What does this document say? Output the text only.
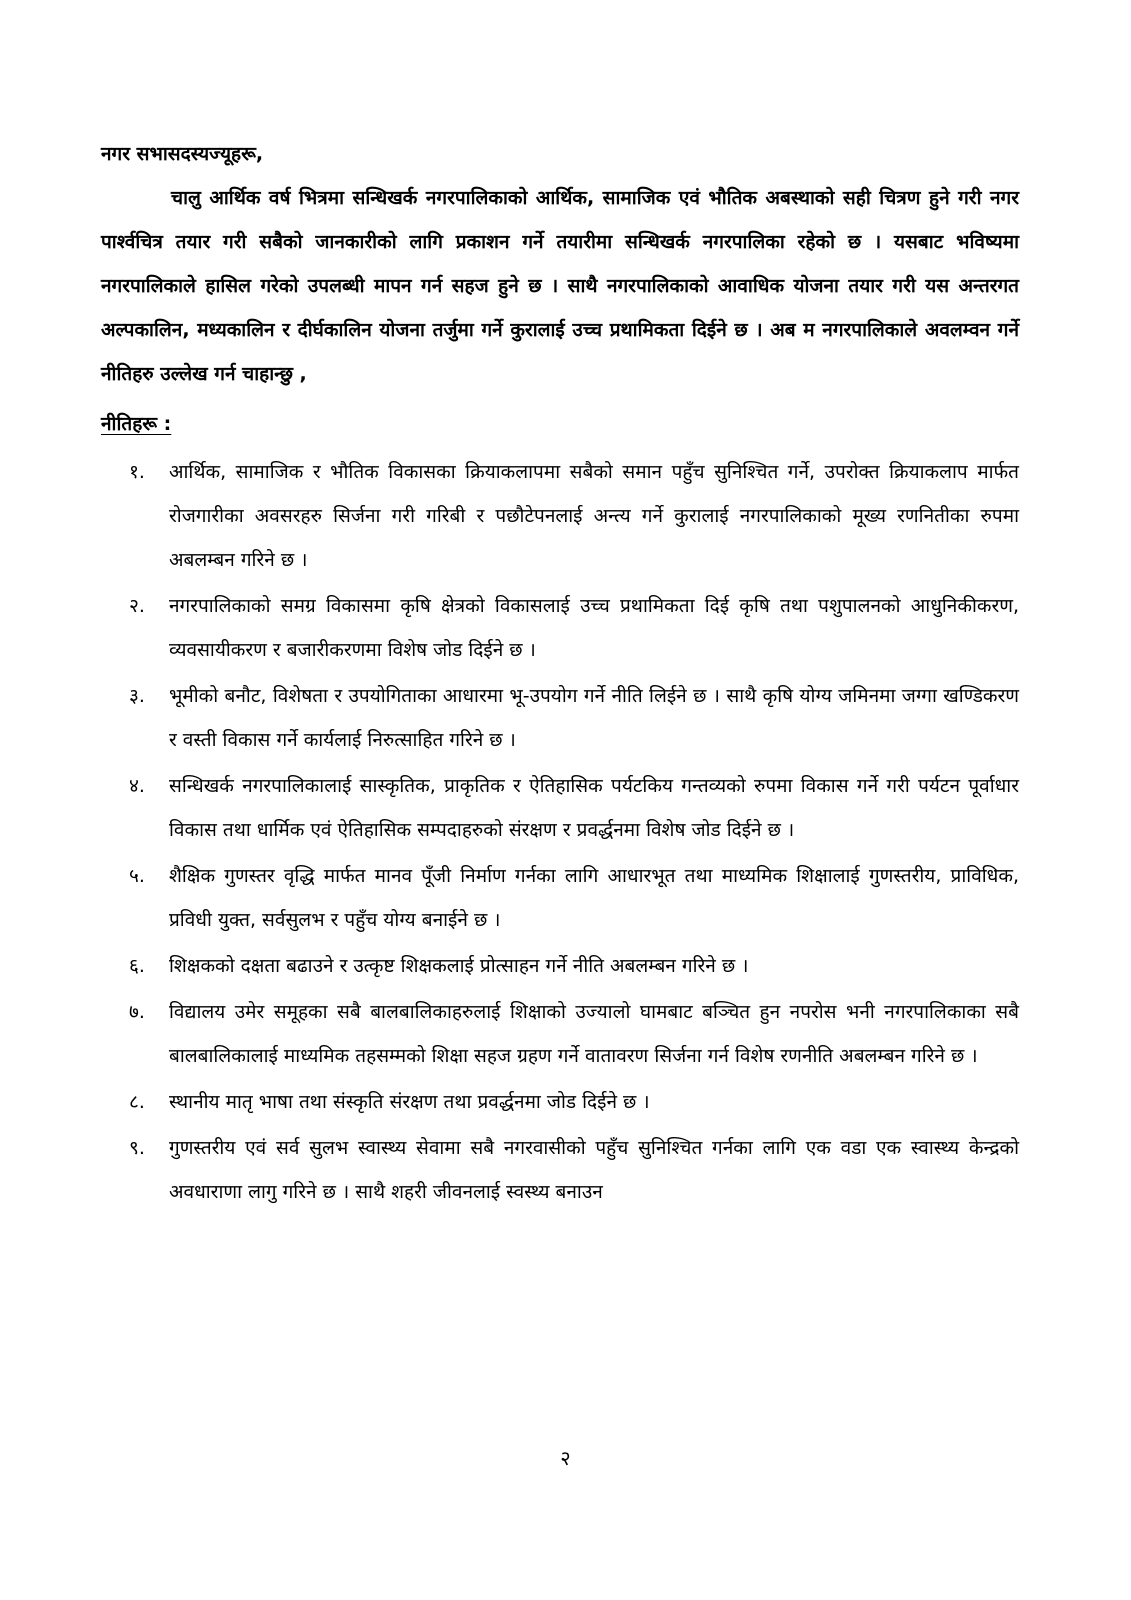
नगर सभासदस्यज्यूहरू,

चालु आर्थिक वर्ष भित्रमा सन्धिखर्क नगरपालिकाको आर्थिक, सामाजिक एवं भौतिक अबस्थाको सही चित्रण हुने गरी नगर पार्श्वचित्र तयार गरी सबैको जानकारीको लागि प्रकाशन गर्ने तयारीमा सन्धिखर्क नगरपालिका रहेको छ । यसबाट भविष्यमा नगरपालिकाले हासिल गरेको उपलब्धी मापन गर्न सहज हुने छ । साथै नगरपालिकाको आवाधिक योजना तयार गरी यस अन्तरगत अल्पकालिन, मध्यकालिन र दीर्घकालिन योजना तर्जुमा गर्ने कुरालाई उच्च प्रथामिकता दिईने छ । अब म नगरपालिकाले अवलम्वन गर्ने नीतिहरु उल्लेख गर्न चाहान्छु ,

नीतिहरू :
१.	आर्थिक, सामाजिक र भौतिक विकासका क्रियाकलापमा सबैको समान पहुँच सुनिश्चित गर्ने, उपरोक्त क्रियाकलाप मार्फत रोजगारीका अवसरहरु सिर्जना गरी गरिबी र पछौटेपनलाई अन्त्य गर्ने कुरालाई नगरपालिकाको मूख्य रणनितीका रुपमा अबलम्बन गरिने छ ।
२.	नगरपालिकाको समग्र विकासमा कृषि क्षेत्रको विकासलाई उच्च प्रथामिकता दिई कृषि तथा पशुपालनको आधुनिकीकरण, व्यवसायीकरण र बजारीकरणमा विशेष जोड दिईने छ ।
३.	भूमीको बनौट, विशेषता र उपयोगिताका आधारमा भू-उपयोग गर्ने नीति लिईने छ । साथै कृषि योग्य जमिनमा जग्गा खण्डिकरण र वस्ती विकास गर्ने कार्यलाई निरुत्साहित गरिने छ ।
४.	सन्धिखर्क नगरपालिकालाई सास्कृतिक, प्राकृतिक र ऐतिहासिक पर्यटकिय गन्तव्यको रुपमा विकास गर्ने गरी पर्यटन पूर्वाधार विकास तथा धार्मिक एवं ऐतिहासिक सम्पदाहरुको संरक्षण र प्रवर्द्धनमा विशेष जोड दिईने छ ।
५.	शैक्षिक गुणस्तर वृद्धि मार्फत मानव पूँजी निर्माण गर्नका लागि आधारभूत तथा माध्यमिक शिक्षालाई गुणस्तरीय, प्राविधिक, प्रविधी युक्त, सर्वसुलभ र पहुँच योग्य बनाईने छ ।
६.	शिक्षकको दक्षता बढाउने र उत्कृष्ट शिक्षकलाई प्रोत्साहन गर्ने नीति अबलम्बन गरिने छ ।
७.	विद्यालय उमेर समूहका सबै बालबालिकाहरुलाई शिक्षाको उज्यालो घामबाट बञ्चित हुन नपरोस भनी नगरपालिकाका सबै बालबालिकालाई माध्यमिक तहसम्मको शिक्षा सहज ग्रहण गर्ने वातावरण सिर्जना गर्न विशेष रणनीति अबलम्बन गरिने छ ।
८.	स्थानीय मातृ भाषा तथा संस्कृति संरक्षण तथा प्रवर्द्धनमा जोड दिईने छ ।
९.	गुणस्तरीय एवं सर्व सुलभ स्वास्थ्य सेवामा सबै नगरवासीको पहुँच सुनिश्चित गर्नका लागि एक वडा एक स्वास्थ्य केन्द्रको अवधाराणा लागु गरिने छ । साथै शहरी जीवनलाई स्वस्थ्य बनाउन
२
